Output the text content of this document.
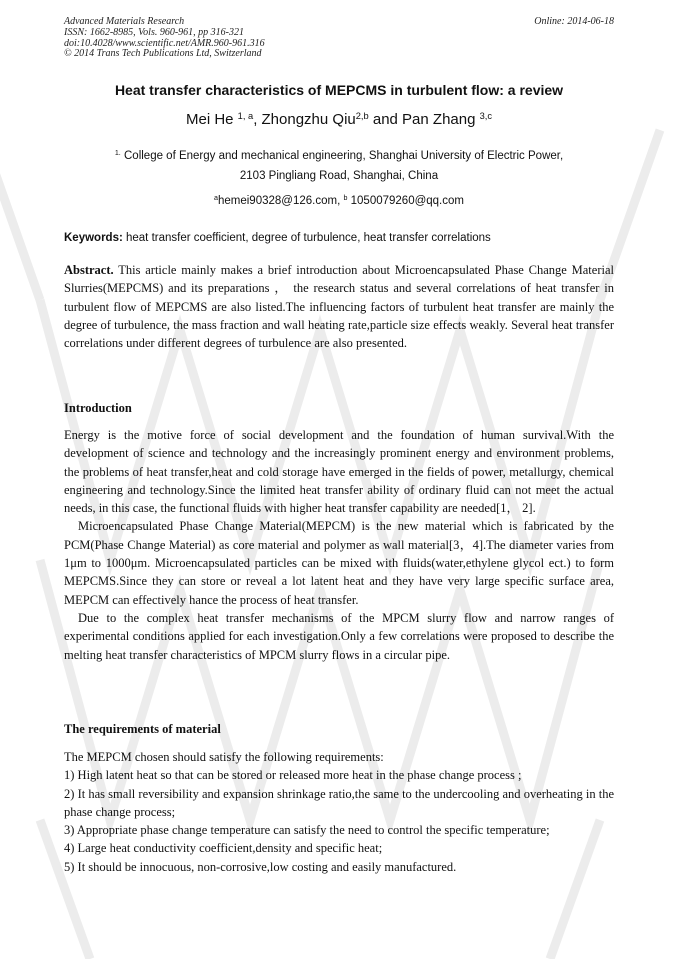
Advanced Materials Research
ISSN: 1662-8985, Vols. 960-961, pp 316-321
doi:10.4028/www.scientific.net/AMR.960-961.316
© 2014 Trans Tech Publications Ltd, Switzerland
Online: 2014-06-18
Heat transfer characteristics of MEPCMS in turbulent flow: a review
Mei He $^{1, a}$, Zhongzhu Qiu$^{2,b}$ and Pan Zhang $^{3,c}$
$^{1.}$ College of Energy and mechanical engineering, Shanghai University of Electric Power,
2103 Pingliang Road, Shanghai, China
$^a$hemei90328@126.com, $^b$ 1050079260@qq.com
Keywords: heat transfer coefficient, degree of turbulence, heat transfer correlations

Abstract. This article mainly makes a brief introduction about Microencapsulated Phase Change Material Slurries(MEPCMS) and its preparations ， the research status and several correlations of heat transfer in turbulent flow of MEPCMS are also listed.The influencing factors of turbulent heat transfer are mainly the degree of turbulence, the mass fraction and wall heating rate,particle size effects weakly. Several heat transfer correlations under different degrees of turbulence are also presented.

Introduction

Energy is the motive force of social development and the foundation of human survival.With the development of science and technology and the increasingly prominent energy and environment problems, the problems of heat transfer,heat and cold storage have emerged in the fields of power, metallurgy, chemical engineering and technology.Since the limited heat transfer ability of ordinary fluid can not meet the actual needs, in this case, the functional fluids with higher heat transfer capability are needed[1， 2].

Microencapsulated Phase Change Material(MEPCM) is the new material which is fabricated by the PCM(Phase Change Material) as core material and polymer as wall material[3，4].The diameter varies from 1μm to 1000μm. Microencapsulated particles can be mixed with fluids(water,ethylene glycol ect.) to form MEPCMS.Since they can store or reveal a lot latent heat and they have very large specific surface area, MEPCM can effectively hance the process of heat transfer.

Due to the complex heat transfer mechanisms of the MPCM slurry flow and narrow ranges of experimental conditions applied for each investigation.Only a few correlations were proposed to describe the melting heat transfer characteristics of MPCM slurry flows in a circular pipe.

The requirements of material

The MEPCM chosen should satisfy the following requirements:

1) High latent heat so that can be stored or released more heat in the phase change process ;

2) It has small reversibility and expansion shrinkage ratio,the same to the undercooling and overheating in the phase change process;

3) Appropriate phase change temperature can satisfy the need to control the specific temperature;

4) Large heat conductivity coefficient,density and specific heat;

5) It should be innocuous, non-corrosive,low costing and easily manufactured.
